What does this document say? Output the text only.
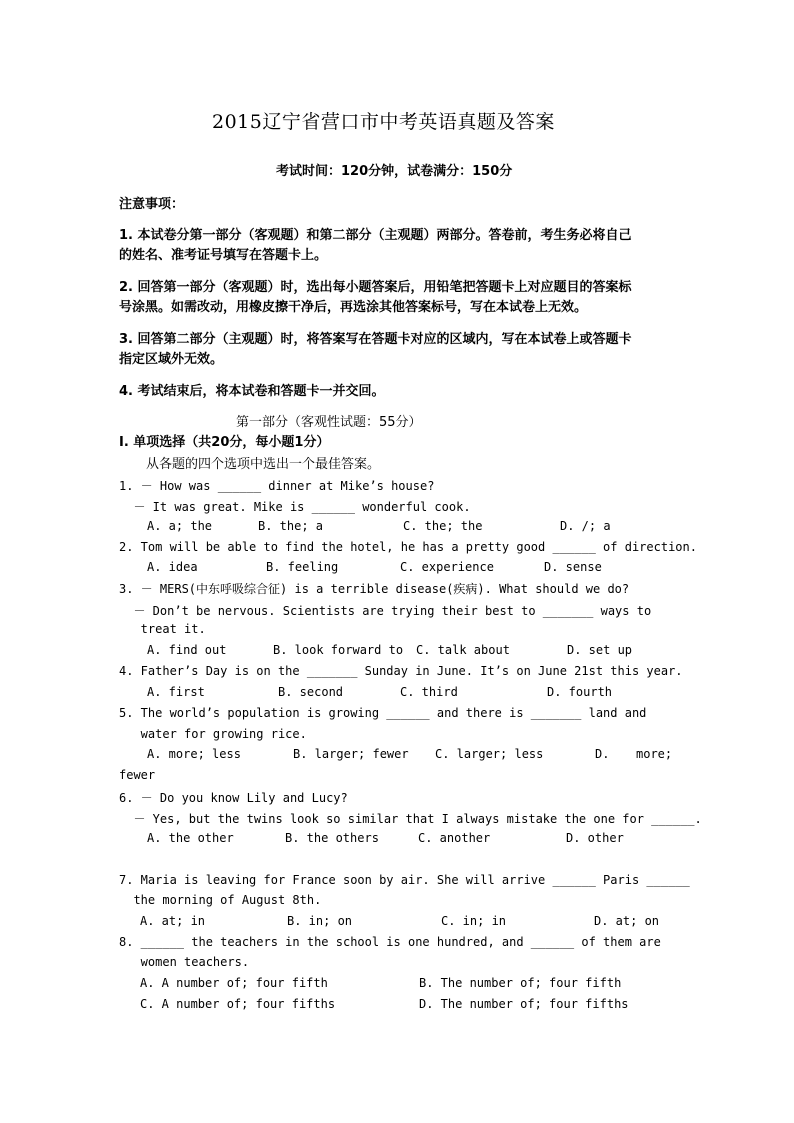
2015辽宁省营口市中考英语真题及答案
考试时间：120分钟，试卷满分：150分
注意事项：
1. 本试卷分第一部分（客观题）和第二部分（主观题）两部分。答卷前，考生务必将自己
的姓名、准考证号填写在答题卡上。
2. 回答第一部分（客观题）时，选出每小题答案后，用铅笔把答题卡上对应题目的答案标
号涂黑。如需改动，用橡皮擦干净后，再选涂其他答案标号，写在本试卷上无效。
3. 回答第二部分（主观题）时，将答案写在答题卡对应的区域内，写在本试卷上或答题卡
指定区域外无效。
4. 考试结束后，将本试卷和答题卡一并交回。
第一部分（客观性试题：55分）
Ⅰ. 单项选择（共20分，每小题1分）
从各题的四个选项中选出一个最佳答案。
1. － How was ______ dinner at Mike’s house?
－ It was great. Mike is ______ wonderful cook.
A. a; the	B. the; a	C. the; the	D. /; a
2. Tom will be able to find the hotel, he has a pretty good ______ of direction.
A. idea	B. feeling	C. experience	D. sense
3. － MERS(中东呼吸综合征) is a terrible disease(疾病). What should we do?
－ Don’t be nervous. Scientists are trying their best to _______ ways to
treat it.
A. find out	B. look forward to C. talk about	D. set up
4. Father’s Day is on the _______ Sunday in June. It’s on June 21st this year.
A. first	B. second	C. third	D. fourth
5. The world’s population is growing ______ and there is _______ land and
water for growing rice.
A. more; less	B. larger; fewer C. larger; less	D. more;
fewer
6. － Do you know Lily and Lucy?
－ Yes, but the twins look so similar that I always mistake the one for ______.
A. the other	B. the others	C. another	D. other
7. Maria is leaving for France soon by air. She will arrive ______ Paris ______
the morning of August 8th.
A. at; in	B. in; on	C. in; in	D. at; on
8. ______ the teachers in the school is one hundred, and ______ of them are
women teachers.
A. A number of; four fifth	B. The number of; four fifth
C. A number of; four fifths	D. The number of; four fifths
